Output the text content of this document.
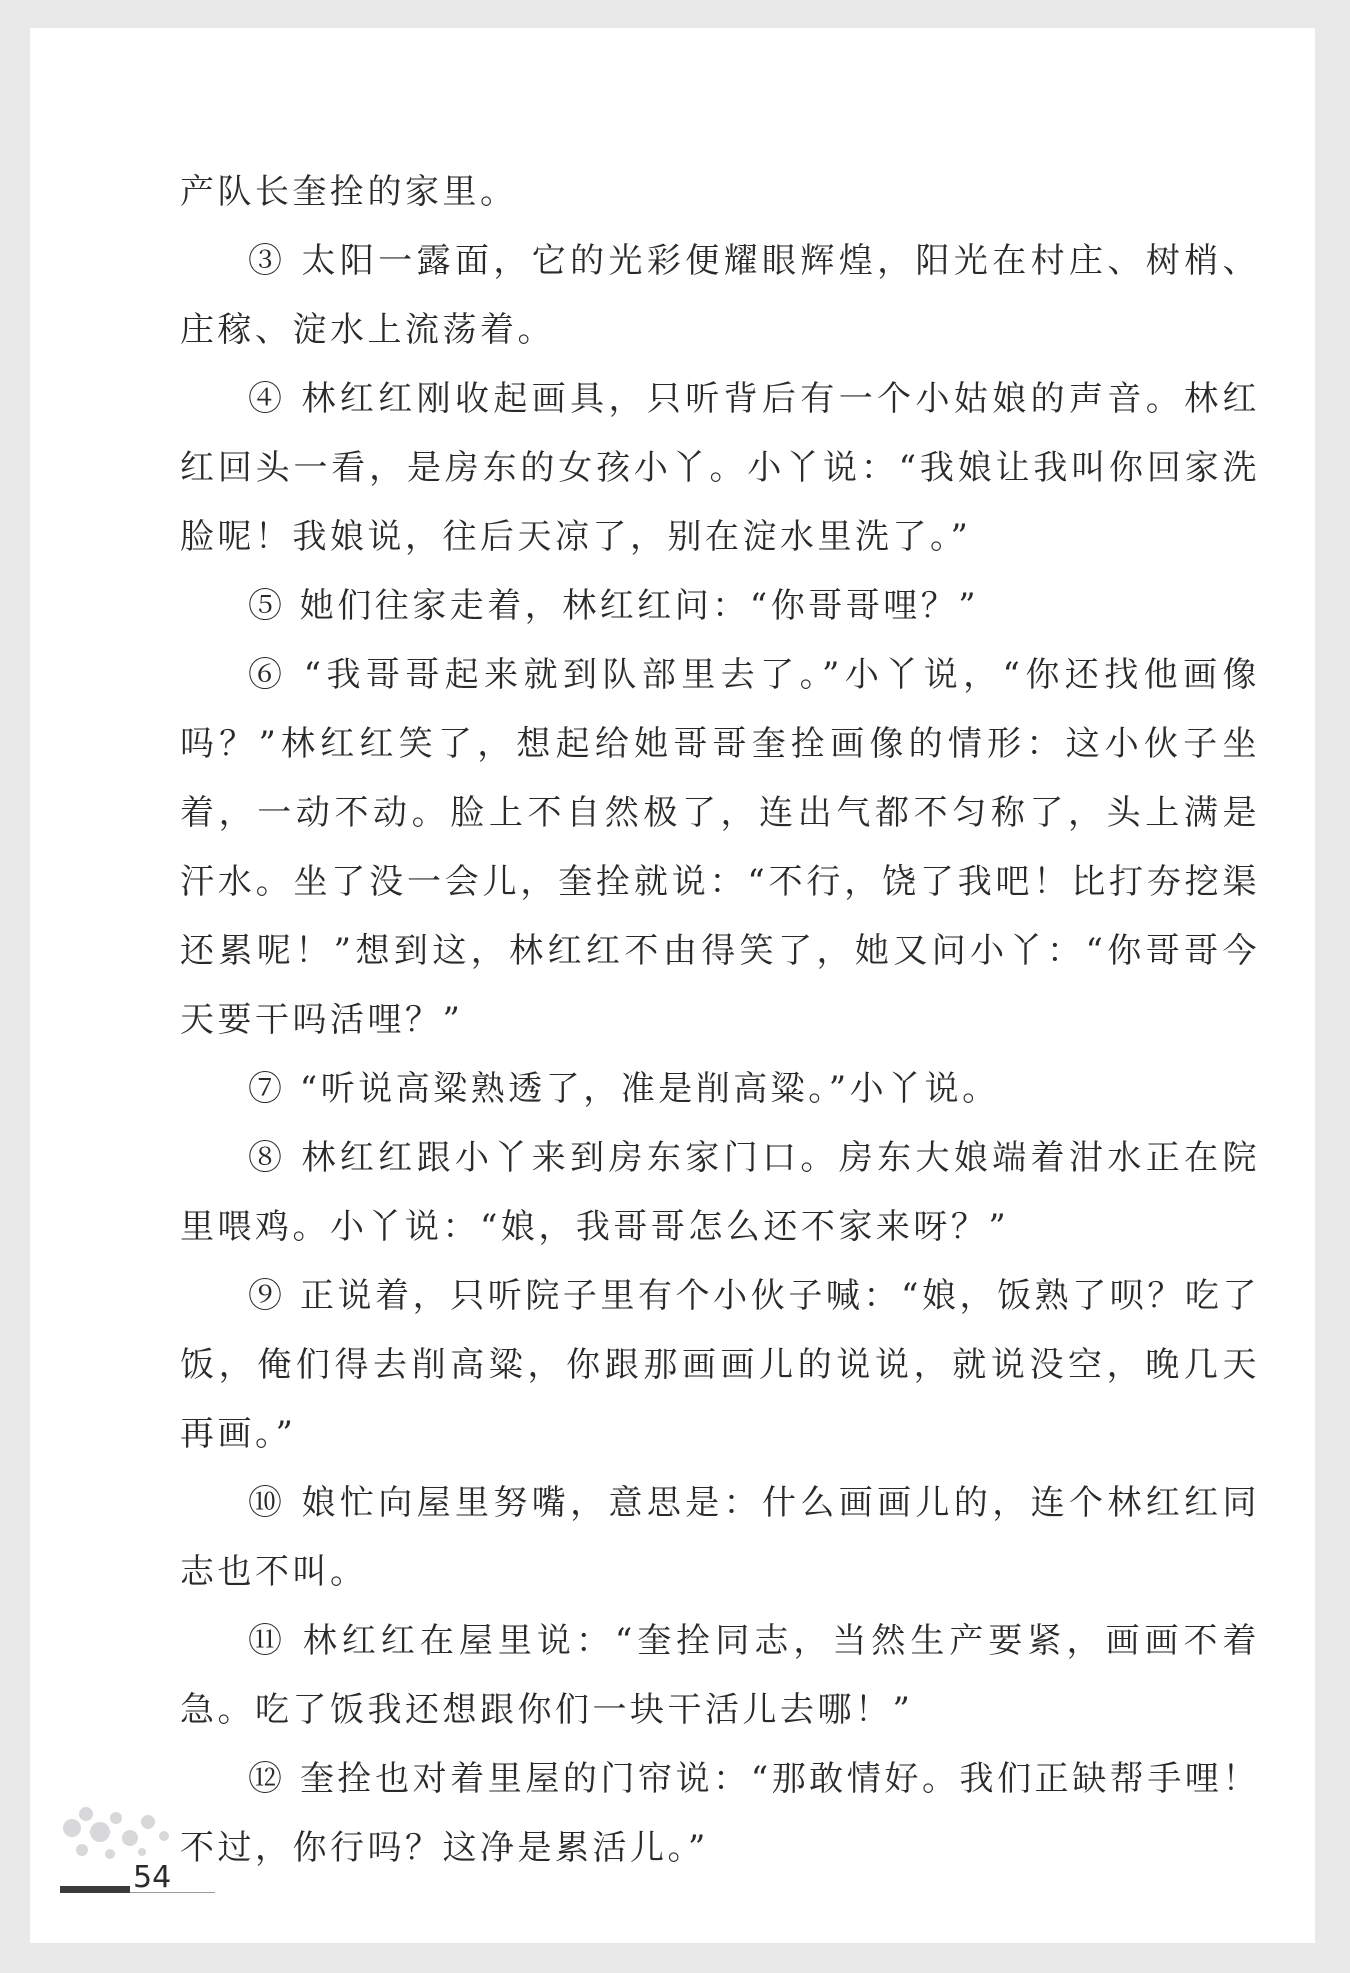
产队长奎拴的家里。

③ 太阳一露面，它的光彩便耀眼辉煌，阳光在村庄、树梢、庄稼、淀水上流荡着。

④ 林红红刚收起画具，只听背后有一个小姑娘的声音。林红红回头一看，是房东的女孩小丫。小丫说：“我娘让我叫你回家洗脸呢！我娘说，往后天凉了，别在淀水里洗了。”

⑤ 她们往家走着，林红红问：“你哥哥哩？”

⑥ “我哥哥起来就到队部里去了。”小丫说，“你还找他画像吗？”林红红笑了，想起给她哥哥奎拴画像的情形：这小伙子坐着，一动不动。脸上不自然极了，连出气都不匀称了，头上满是汗水。坐了没一会儿，奎拴就说：“不行，饶了我吧！比打夯挖渠还累呢！”想到这，林红红不由得笑了，她又问小丫：“你哥哥今天要干吗活哩？”

⑦ “听说高粱熟透了，准是削高粱。”小丫说。

⑧ 林红红跟小丫来到房东家门口。房东大娘端着泔水正在院里喂鸡。小丫说：“娘，我哥哥怎么还不家来呀？”

⑨ 正说着，只听院子里有个小伙子喊：“娘，饭熟了呗？吃了饭，俺们得去削高粱，你跟那画画儿的说说，就说没空，晚几天再画。”

⑩ 娘忙向屋里努嘴，意思是：什么画画儿的，连个林红红同志也不叫。

⑪ 林红红在屋里说：“奎拴同志，当然生产要紧，画画不着急。吃了饭我还想跟你们一块干活儿去哪！”

⑫ 奎拴也对着里屋的门帘说：“那敢情好。我们正缺帮手哩！不过，你行吗？这净是累活儿。”

54
